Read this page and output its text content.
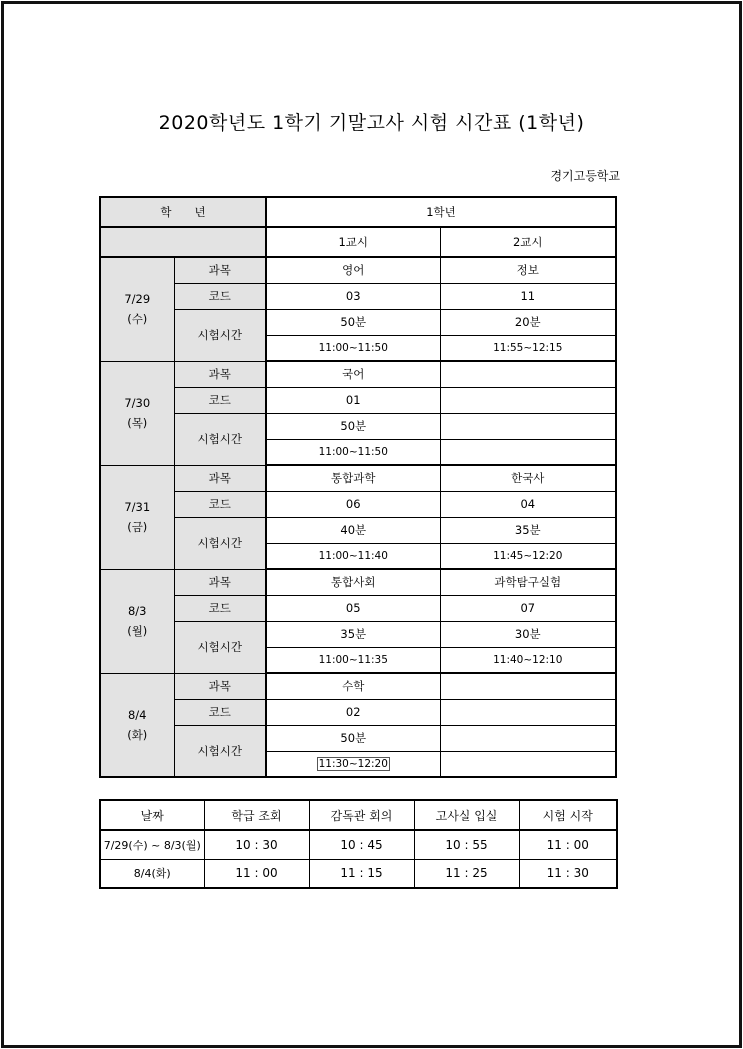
2020학년도 1학기 기말고사 시험 시간표 (1학년)
경기고등학교
학　　년		1학년	
		1교시	2교시

7/29
(수)	과목	영어	정보
	코드	03	11
	시험시간	50분	20분
		11:00~11:50	11:55~12:15

7/30
(목)	과목	국어	
	코드	01	
	시험시간	50분	
		11:00~11:50	

7/31
(금)	과목	통합과학	한국사
	코드	06	04
	시험시간	40분	35분
		11:00~11:40	11:45~12:20

8/3
(월)	과목	통합사회	과학탐구실험
	코드	05	07
	시험시간	35분	30분
		11:00~11:35	11:40~12:10

8/4
(화)	과목	수학	
	코드	02	
	시험시간	50분	
		11:30~12:20	
날짜	학급 조회	감독관 회의	고사실 입실	시험 시작
7/29(수) ~ 8/3(월)	10 : 30	10 : 45	10 : 55	11 : 00
8/4(화)	11 : 00	11 : 15	11 : 25	11 : 30
